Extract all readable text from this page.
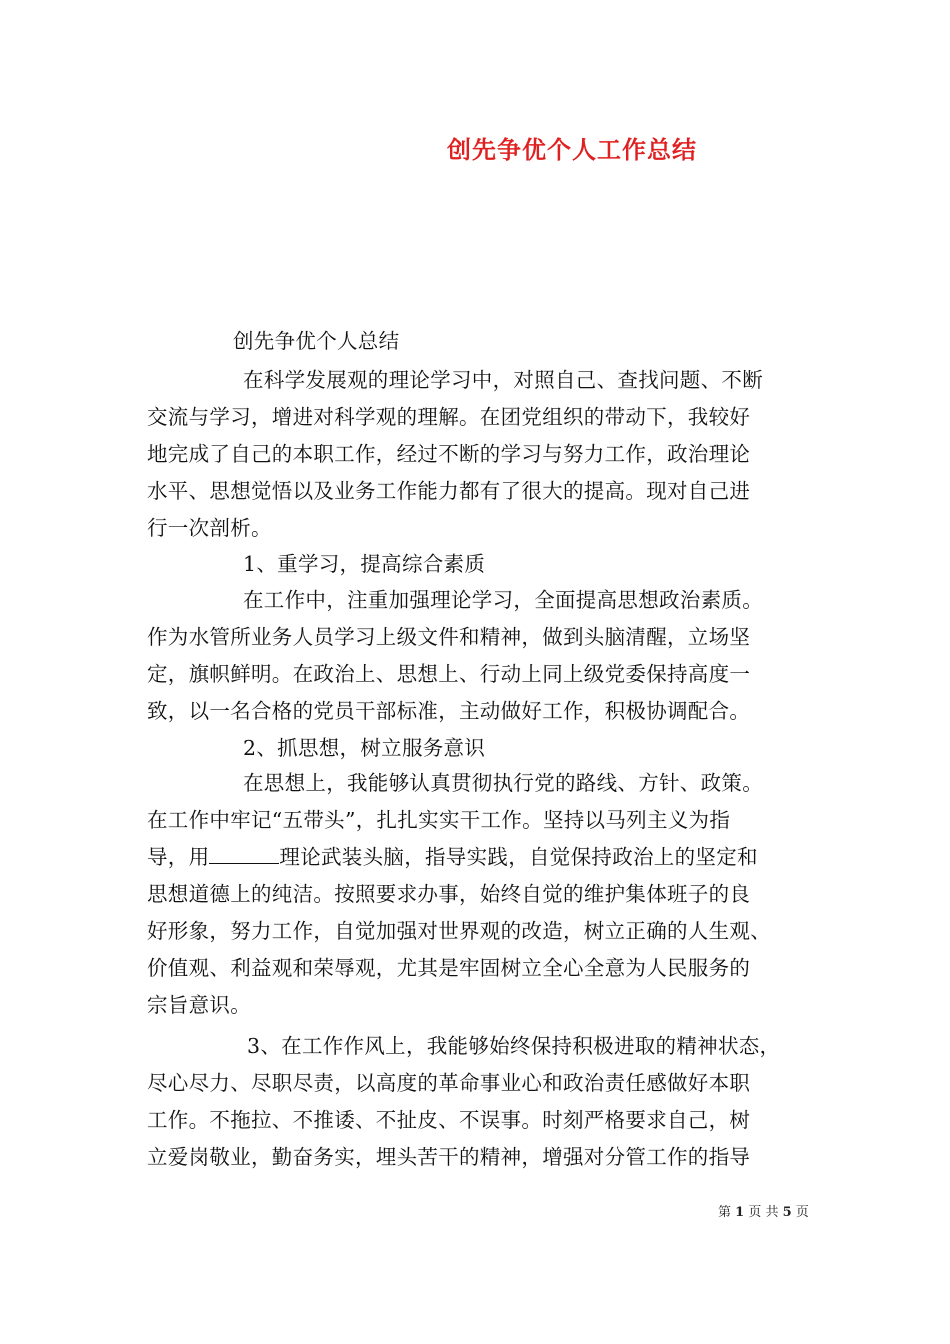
创先争优个人工作总结

创先争优个人总结

在科学发展观的理论学习中，对照自己、查找问题、不断

交流与学习，增进对科学观的理解。在团党组织的带动下，我较好

地完成了自己的本职工作，经过不断的学习与努力工作，政治理论

水平、思想觉悟以及业务工作能力都有了很大的提高。现对自己进

行一次剖析。

1、重学习，提高综合素质

在工作中，注重加强理论学习，全面提高思想政治素质。

作为水管所业务人员学习上级文件和精神，做到头脑清醒，立场坚

定，旗帜鲜明。在政治上、思想上、行动上同上级党委保持高度一

致，以一名合格的党员干部标准，主动做好工作，积极协调配合。

2、抓思想，树立服务意识

在思想上，我能够认真贯彻执行党的路线、方针、政策。

在工作中牢记“五带头”，扎扎实实干工作。坚持以马列主义为指

导，用	理论武装头脑，指导实践，自觉保持政治上的坚定和

思想道德上的纯洁。按照要求办事，始终自觉的维护集体班子的良

好形象，努力工作，自觉加强对世界观的改造，树立正确的人生观、

价值观、利益观和荣辱观，尤其是牢固树立全心全意为人民服务的

宗旨意识。

3、在工作作风上，我能够始终保持积极进取的精神状态，

尽心尽力、尽职尽责，以高度的革命事业心和政治责任感做好本职

工作。不拖拉、不推诿、不扯皮、不误事。时刻严格要求自己，树

立爱岗敬业，勤奋务实，埋头苦干的精神，增强对分管工作的指导

第 1 页 共 5 页
